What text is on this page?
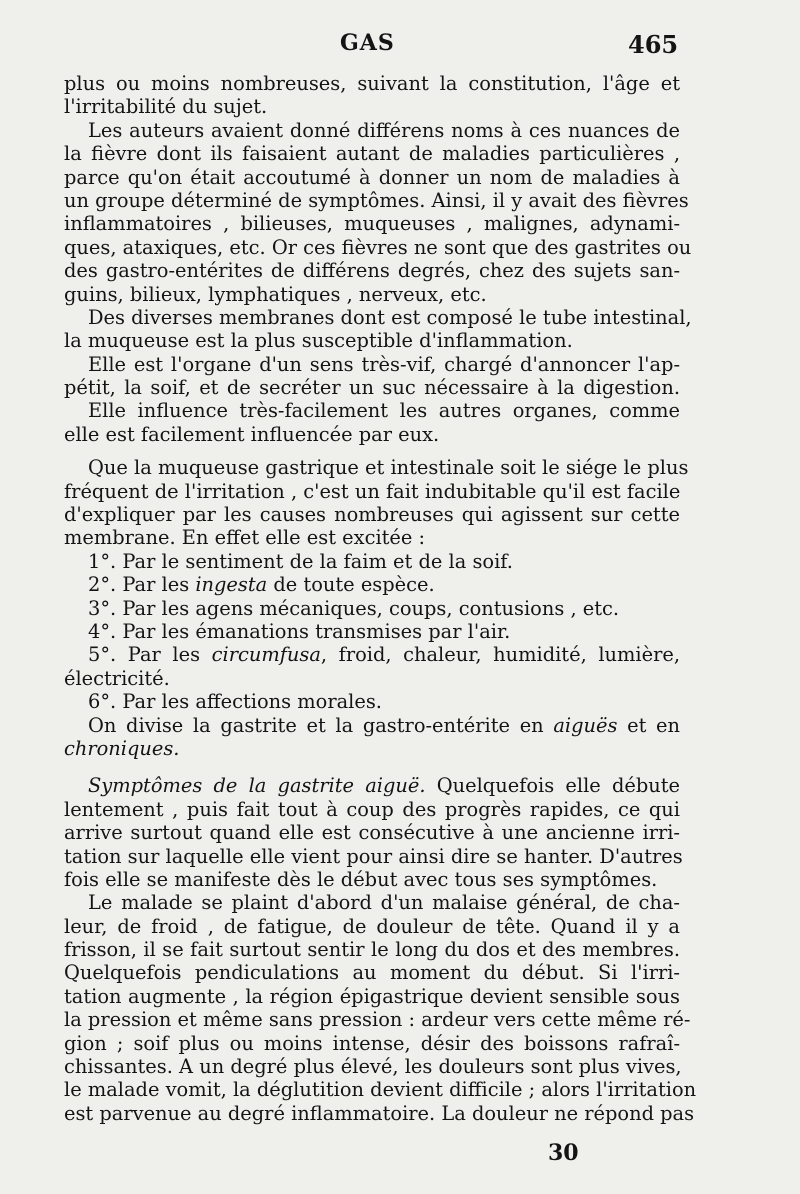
GAS	465
plus ou moins nombreuses, suivant la constitution, l'âge et
l'irritabilité du sujet.
Les auteurs avaient donné différens noms à ces nuances de
la fièvre dont ils faisaient autant de maladies particulières ,
parce qu'on était accoutumé à donner un nom de maladies à
un groupe déterminé de symptômes. Ainsi, il y avait des fièvres
inflammatoires , bilieuses, muqueuses , malignes, adynami-
ques, ataxiques, etc. Or ces fièvres ne sont que des gastrites ou
des gastro-entérites de différens degrés, chez des sujets san-
guins, bilieux, lymphatiques , nerveux, etc.
Des diverses membranes dont est composé le tube intestinal,
la muqueuse est la plus susceptible d'inflammation.
Elle est l'organe d'un sens très-vif, chargé d'annoncer l'ap-
pétit, la soif, et de secréter un suc nécessaire à la digestion.
Elle influence très-facilement les autres organes, comme
elle est facilement influencée par eux.
Que la muqueuse gastrique et intestinale soit le siége le plus
fréquent de l'irritation , c'est un fait indubitable qu'il est facile
d'expliquer par les causes nombreuses qui agissent sur cette
membrane. En effet elle est excitée :
1°. Par le sentiment de la faim et de la soif.
2°. Par les ingesta de toute espèce.
3°. Par les agens mécaniques, coups, contusions , etc.
4°. Par les émanations transmises par l'air.
5°. Par les circumfusa, froid, chaleur, humidité, lumière,
électricité.
6°. Par les affections morales.
On divise la gastrite et la gastro-entérite en aiguës et en
chroniques.
Symptômes de la gastrite aiguë. Quelquefois elle débute
lentement , puis fait tout à coup des progrès rapides, ce qui
arrive surtout quand elle est consécutive à une ancienne irri-
tation sur laquelle elle vient pour ainsi dire se hanter. D'autres
fois elle se manifeste dès le début avec tous ses symptômes.
Le malade se plaint d'abord d'un malaise général, de cha-
leur, de froid , de fatigue, de douleur de tête. Quand il y a
frisson, il se fait surtout sentir le long du dos et des membres.
Quelquefois pendiculations au moment du début. Si l'irri-
tation augmente , la région épigastrique devient sensible sous
la pression et même sans pression : ardeur vers cette même ré-
gion ; soif plus ou moins intense, désir des boissons rafraî-
chissantes. A un degré plus élevé, les douleurs sont plus vives,
le malade vomit, la déglutition devient difficile ; alors l'irritation
est parvenue au degré inflammatoire. La douleur ne répond pas
30
